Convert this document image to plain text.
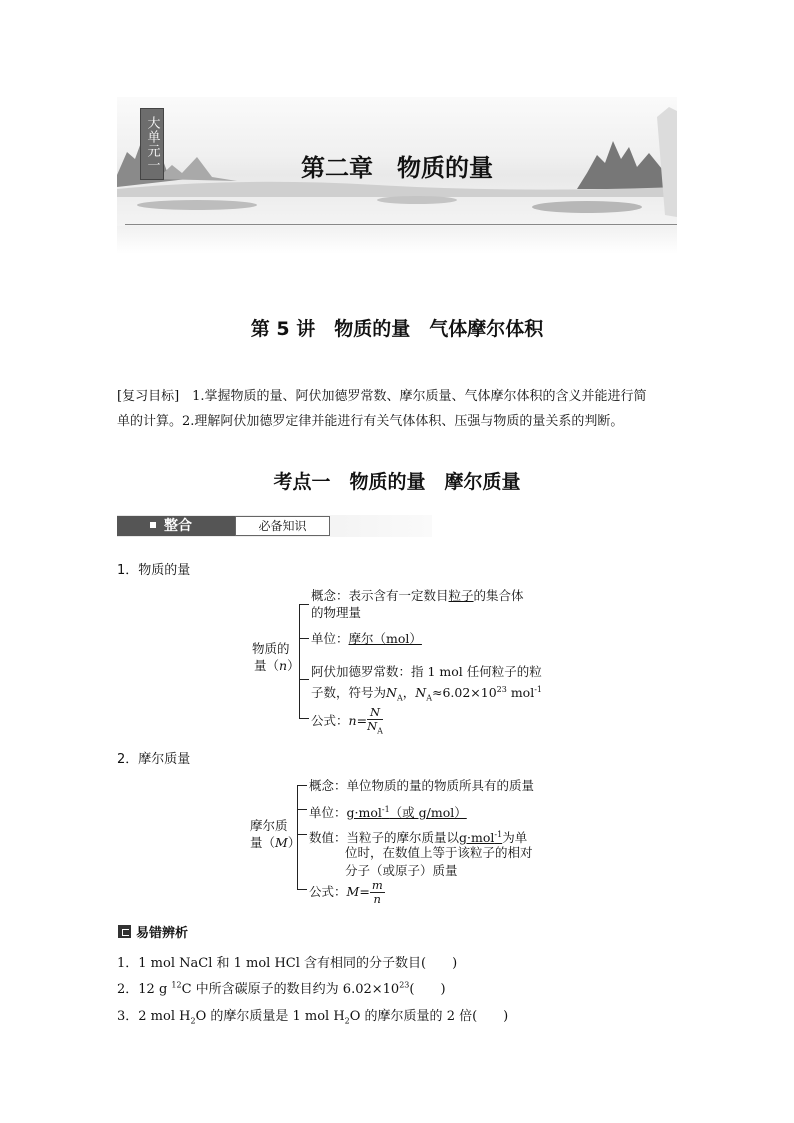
大单元一	第二章　物质的量
第 5 讲　物质的量　气体摩尔体积
[复习目标]　1.掌握物质的量、阿伏加德罗常数、摩尔质量、气体摩尔体积的含义并能进行简
单的计算。2.理解阿伏加德罗定律并能进行有关气体体积、压强与物质的量关系的判断。
考点一　物质的量　摩尔质量
整合	必备知识
1．物质的量
物质的
量（n）
概念：表示含有一定数目粒子的集合体
的物理量
单位：摩尔（mol）
阿伏加德罗常数：指 1 mol 任何粒子的粒
子数，符号为$N_A$，$N_A\approx 6.02\times 10^{23}$ mol$^{-1}$
公式：$n= \frac{N}{N_A}$
2．摩尔质量
摩尔质
量（M）
概念：单位物质的量的物质所具有的质量
单位：g·mol$^{-1}$（或 g/mol）
数值：当粒子的摩尔质量以g·mol$^{-1}$为单
位时，在数值上等于该粒子的相对
分子（或原子）质量
公式：$M= \frac{m}{n}$
易错辨析
1．1 mol NaCl 和 1 mol HCl 含有相同的分子数目(　　)
2．12 g $^{12}$C 中所含碳原子的数目约为 $6.02\times 10^{23}$(　　)
3．2 mol $H_2O$ 的摩尔质量是 1 mol $H_2O$ 的摩尔质量的 2 倍(　　)
